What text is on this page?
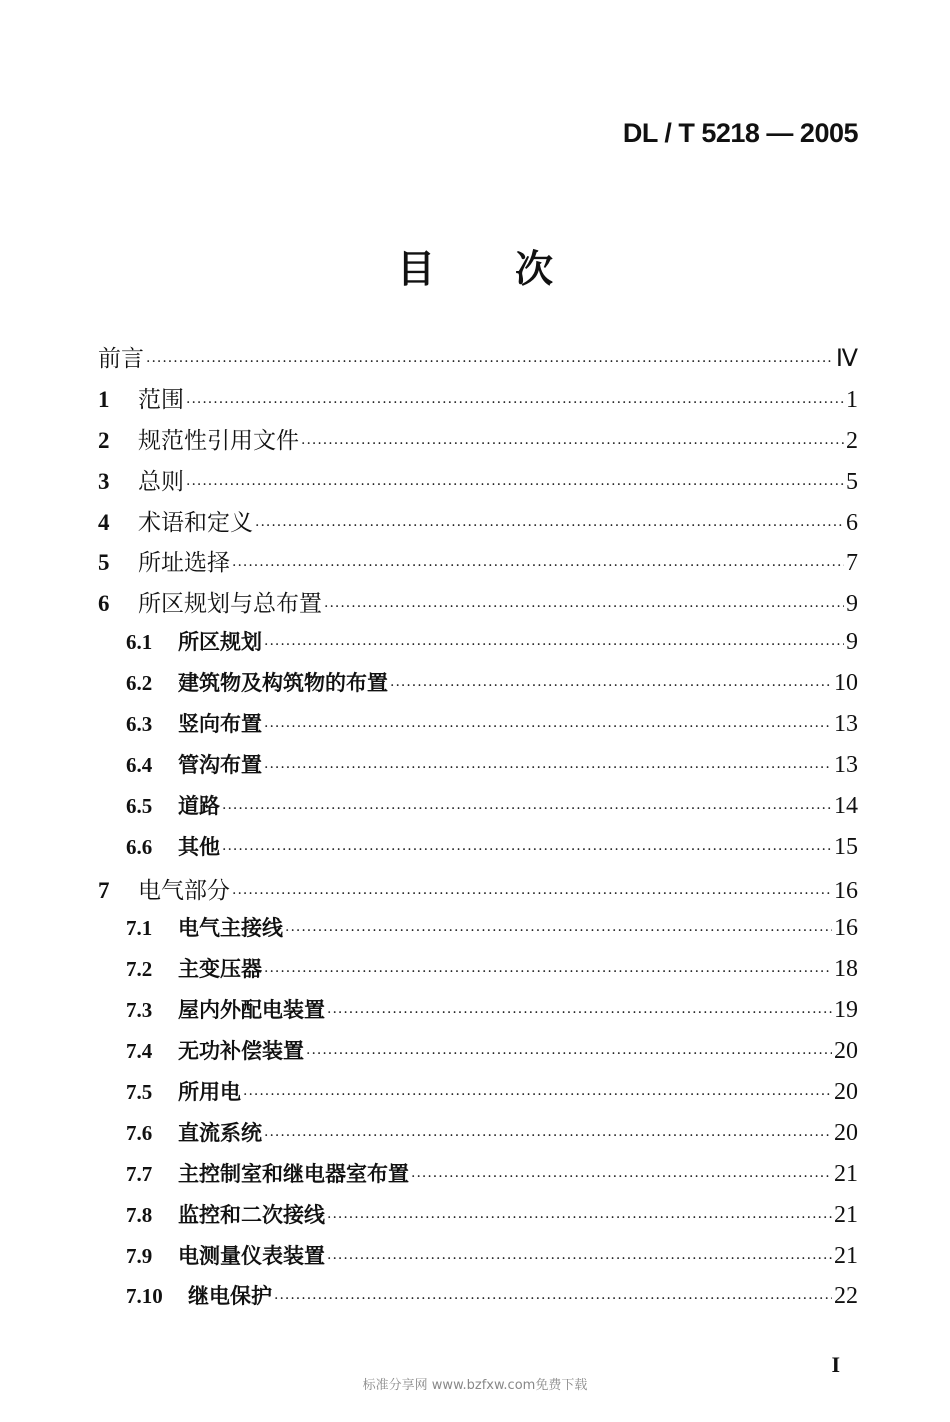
DL / T 5218 — 2005
目 次
前言 ·····	Ⅳ
1	范围 ·····	1
2	规范性引用文件 ·····	2
3	总则 ·····	5
4	术语和定义 ·····	6
5	所址选择 ·····	7
6	所区规划与总布置 ·····	9
6.1	所区规划 ·····	9
6.2	建筑物及构筑物的布置 ·····	10
6.3	竖向布置 ·····	13
6.4	管沟布置 ·····	13
6.5	道路 ·····	14
6.6	其他 ·····	15
7	电气部分 ·····	16
7.1	电气主接线 ·····	16
7.2	主变压器 ·····	18
7.3	屋内外配电装置 ·····	19
7.4	无功补偿装置 ·····	20
7.5	所用电 ·····	20
7.6	直流系统 ·····	20
7.7	主控制室和继电器室布置 ·····	21
7.8	监控和二次接线 ·····	21
7.9	电测量仪表装置 ·····	21
7.10	继电保护 ·····	22
I
标准分享网 www.bzfxw.com免费下载
